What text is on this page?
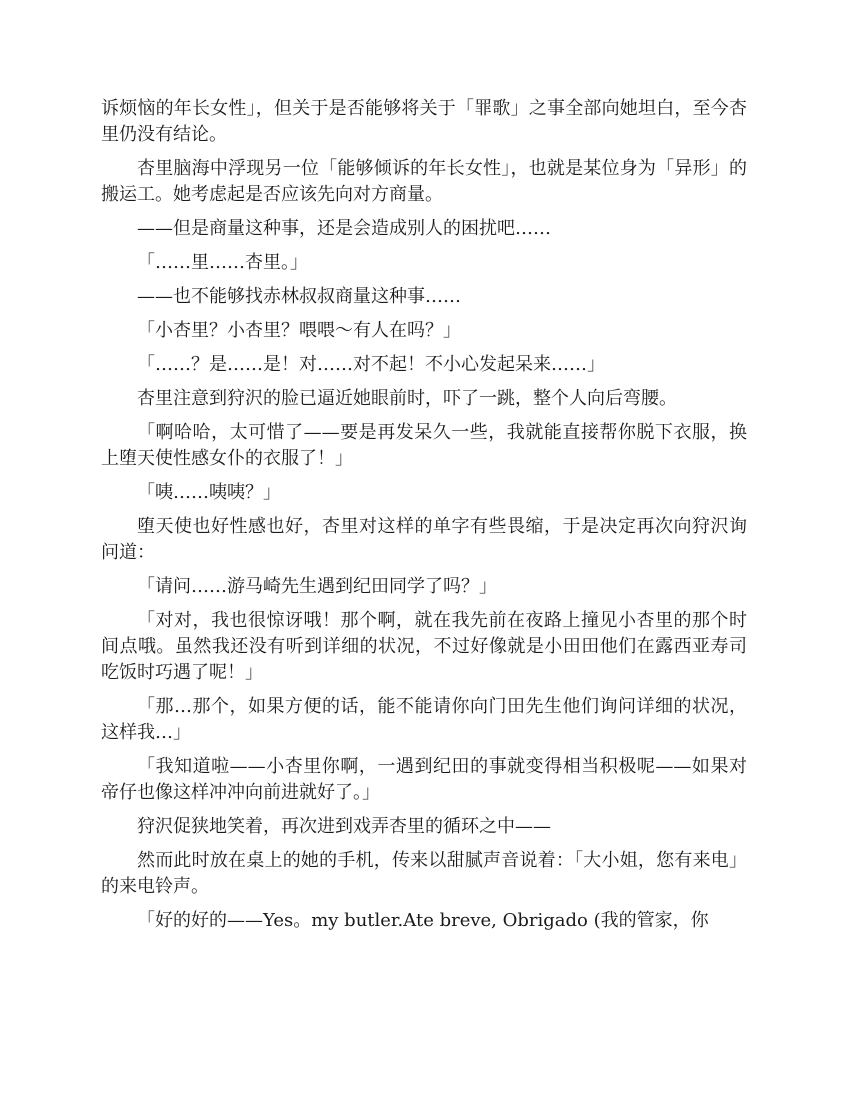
诉烦恼的年长女性」，但关于是否能够将关于「罪歌」之事全部向她坦白，至今杏里仍没有结论。

杏里脑海中浮现另一位「能够倾诉的年长女性」，也就是某位身为「异形」的搬运工。她考虑起是否应该先向对方商量。

——但是商量这种事，还是会造成别人的困扰吧……

「……里……杏里。」

——也不能够找赤林叔叔商量这种事……

「小杏里？小杏里？喂喂～有人在吗？」

「……？是……是！对……对不起！不小心发起呆来……」

杏里注意到狩沢的脸已逼近她眼前时，吓了一跳，整个人向后弯腰。

「啊哈哈，太可惜了——要是再发呆久一些，我就能直接帮你脱下衣服，换上堕天使性感女仆的衣服了！」

「咦……咦咦？」

堕天使也好性感也好，杏里对这样的单字有些畏缩，于是决定再次向狩沢询问道：

「请问……游马崎先生遇到纪田同学了吗？」

「对对，我也很惊讶哦！那个啊，就在我先前在夜路上撞见小杏里的那个时间点哦。虽然我还没有听到详细的状况，不过好像就是小田田他们在露西亚寿司吃饭时巧遇了呢！」

「那…那个，如果方便的话，能不能请你向门田先生他们询问详细的状况，这样我…」

「我知道啦——小杏里你啊，一遇到纪田的事就变得相当积极呢——如果对帝仔也像这样冲冲向前进就好了。」

狩沢促狭地笑着，再次进到戏弄杏里的循环之中——

然而此时放在桌上的她的手机，传来以甜腻声音说着：「大小姐，您有来电」的来电铃声。

「好的好的——Yes。my butler.Ate breve, Obrigado (我的管家，你
